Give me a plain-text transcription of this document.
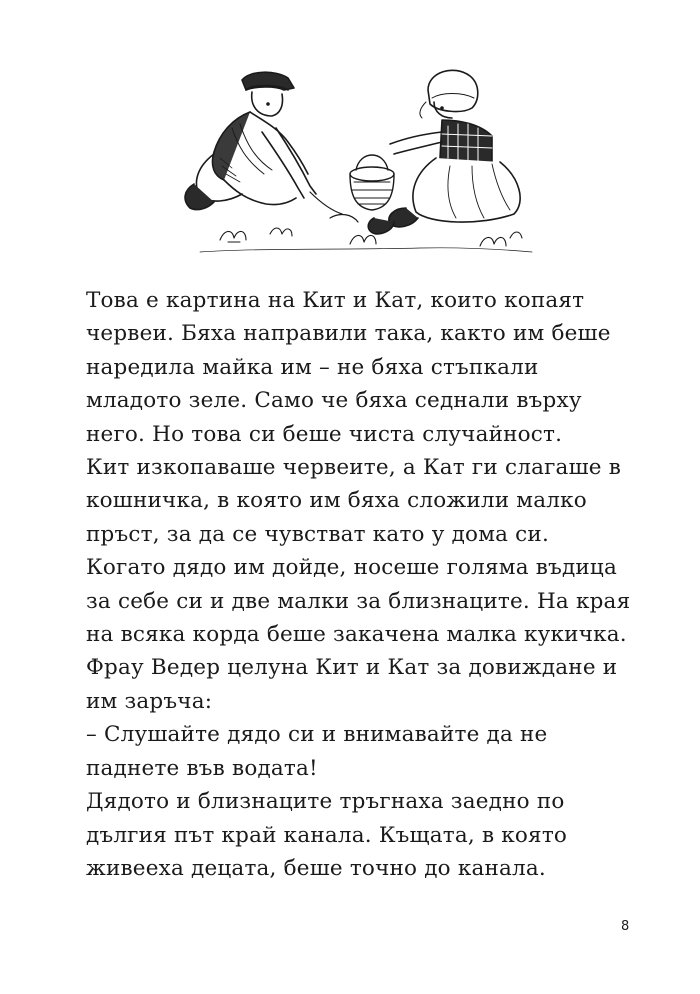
Това е картина на Кит и Кат, които копаят
червеи. Бяха направили така, както им беше
наредила майка им – не бяха стъпкали
младото зеле. Само че бяха седнали върху
него. Но това си беше чиста случайност.
Кит изкопаваше червеите, а Кат ги слагаше в
кошничка, в която им бяха сложили малко
пръст, за да се чувстват като у дома си.
Когато дядо им дойде, носеше голяма въдица
за себе си и две малки за близнаците. На края
на всяка корда беше закачена малка кукичка.
Фрау Ведер целуна Кит и Кат за довиждане и
им заръча:
– Слушайте дядо си и внимавайте да не
паднете във водата!
Дядото и близнаците тръгнаха заедно по
дългия път край канала. Къщата, в която
живееха децата, беше точно до канала.
8
